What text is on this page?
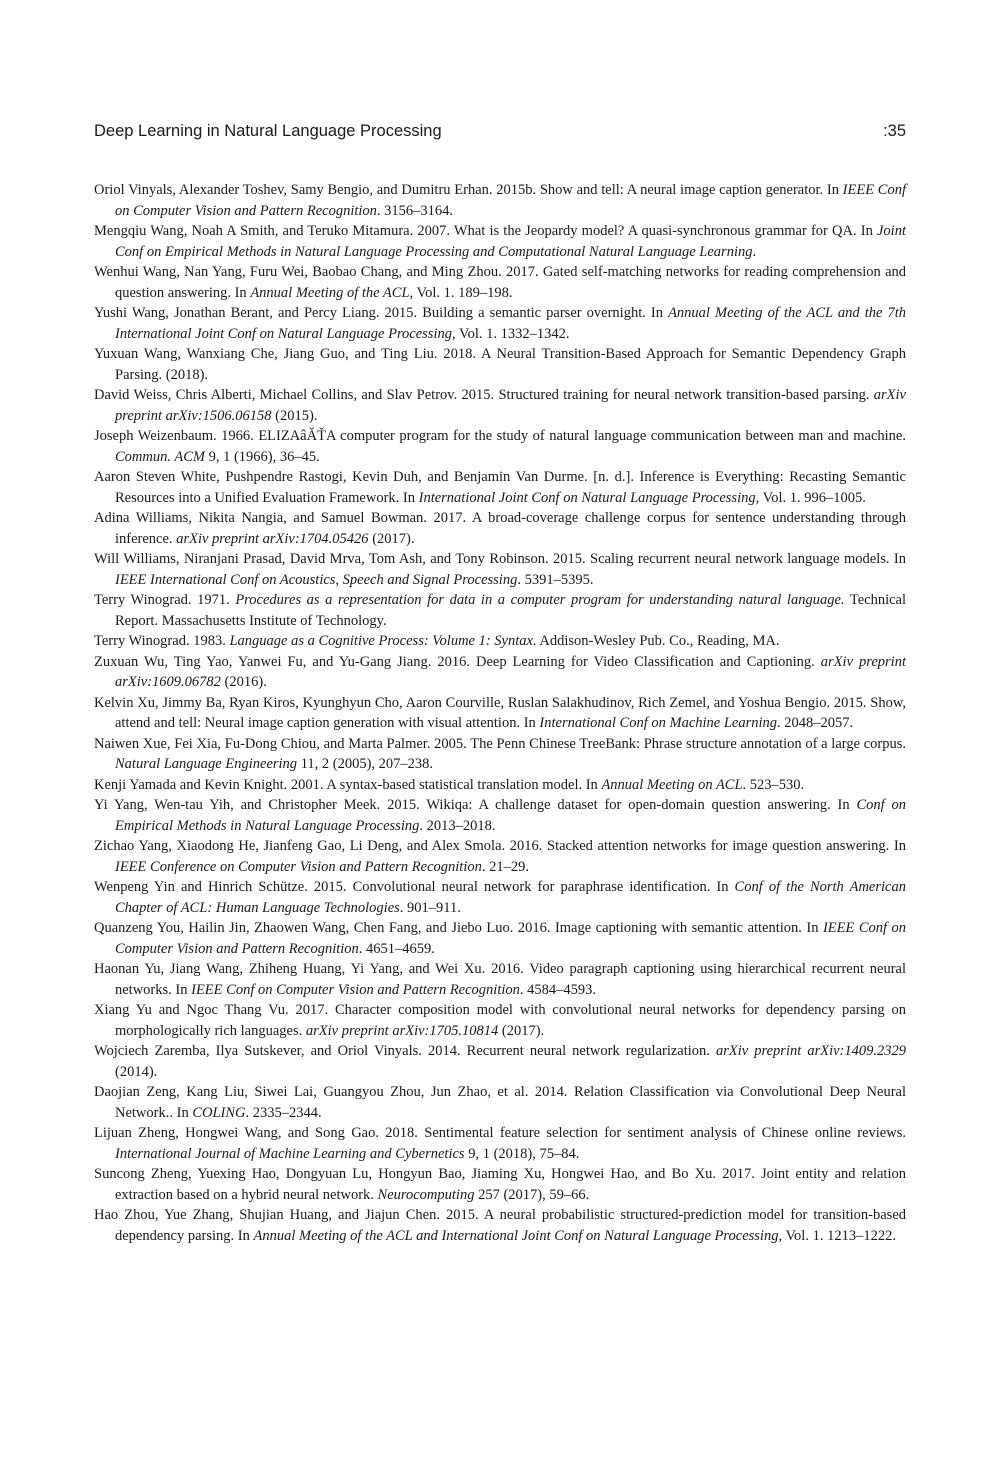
Deep Learning in Natural Language Processing	:35

Oriol Vinyals, Alexander Toshev, Samy Bengio, and Dumitru Erhan. 2015b. Show and tell: A neural image caption generator. In IEEE Conf on Computer Vision and Pattern Recognition. 3156–3164.

Mengqiu Wang, Noah A Smith, and Teruko Mitamura. 2007. What is the Jeopardy model? A quasi-synchronous grammar for QA. In Joint Conf on Empirical Methods in Natural Language Processing and Computational Natural Language Learning.

Wenhui Wang, Nan Yang, Furu Wei, Baobao Chang, and Ming Zhou. 2017. Gated self-matching networks for reading comprehension and question answering. In Annual Meeting of the ACL, Vol. 1. 189–198.

Yushi Wang, Jonathan Berant, and Percy Liang. 2015. Building a semantic parser overnight. In Annual Meeting of the ACL and the 7th International Joint Conf on Natural Language Processing, Vol. 1. 1332–1342.

Yuxuan Wang, Wanxiang Che, Jiang Guo, and Ting Liu. 2018. A Neural Transition-Based Approach for Semantic Dependency Graph Parsing. (2018).

David Weiss, Chris Alberti, Michael Collins, and Slav Petrov. 2015. Structured training for neural network transition-based parsing. arXiv preprint arXiv:1506.06158 (2015).

Joseph Weizenbaum. 1966. ELIZAâĂŤA computer program for the study of natural language communication between man and machine. Commun. ACM 9, 1 (1966), 36–45.

Aaron Steven White, Pushpendre Rastogi, Kevin Duh, and Benjamin Van Durme. [n. d.]. Inference is Everything: Recasting Semantic Resources into a Unified Evaluation Framework. In International Joint Conf on Natural Language Processing, Vol. 1. 996–1005.

Adina Williams, Nikita Nangia, and Samuel Bowman. 2017. A broad-coverage challenge corpus for sentence understanding through inference. arXiv preprint arXiv:1704.05426 (2017).

Will Williams, Niranjani Prasad, David Mrva, Tom Ash, and Tony Robinson. 2015. Scaling recurrent neural network language models. In IEEE International Conf on Acoustics, Speech and Signal Processing. 5391–5395.

Terry Winograd. 1971. Procedures as a representation for data in a computer program for understanding natural language. Technical Report. Massachusetts Institute of Technology.

Terry Winograd. 1983. Language as a Cognitive Process: Volume 1: Syntax. Addison-Wesley Pub. Co., Reading, MA.

Zuxuan Wu, Ting Yao, Yanwei Fu, and Yu-Gang Jiang. 2016. Deep Learning for Video Classification and Captioning. arXiv preprint arXiv:1609.06782 (2016).

Kelvin Xu, Jimmy Ba, Ryan Kiros, Kyunghyun Cho, Aaron Courville, Ruslan Salakhudinov, Rich Zemel, and Yoshua Bengio. 2015. Show, attend and tell: Neural image caption generation with visual attention. In International Conf on Machine Learning. 2048–2057.

Naiwen Xue, Fei Xia, Fu-Dong Chiou, and Marta Palmer. 2005. The Penn Chinese TreeBank: Phrase structure annotation of a large corpus. Natural Language Engineering 11, 2 (2005), 207–238.

Kenji Yamada and Kevin Knight. 2001. A syntax-based statistical translation model. In Annual Meeting on ACL. 523–530.

Yi Yang, Wen-tau Yih, and Christopher Meek. 2015. Wikiqa: A challenge dataset for open-domain question answering. In Conf on Empirical Methods in Natural Language Processing. 2013–2018.

Zichao Yang, Xiaodong He, Jianfeng Gao, Li Deng, and Alex Smola. 2016. Stacked attention networks for image question answering. In IEEE Conference on Computer Vision and Pattern Recognition. 21–29.

Wenpeng Yin and Hinrich Schütze. 2015. Convolutional neural network for paraphrase identification. In Conf of the North American Chapter of ACL: Human Language Technologies. 901–911.

Quanzeng You, Hailin Jin, Zhaowen Wang, Chen Fang, and Jiebo Luo. 2016. Image captioning with semantic attention. In IEEE Conf on Computer Vision and Pattern Recognition. 4651–4659.

Haonan Yu, Jiang Wang, Zhiheng Huang, Yi Yang, and Wei Xu. 2016. Video paragraph captioning using hierarchical recurrent neural networks. In IEEE Conf on Computer Vision and Pattern Recognition. 4584–4593.

Xiang Yu and Ngoc Thang Vu. 2017. Character composition model with convolutional neural networks for dependency parsing on morphologically rich languages. arXiv preprint arXiv:1705.10814 (2017).

Wojciech Zaremba, Ilya Sutskever, and Oriol Vinyals. 2014. Recurrent neural network regularization. arXiv preprint arXiv:1409.2329 (2014).

Daojian Zeng, Kang Liu, Siwei Lai, Guangyou Zhou, Jun Zhao, et al. 2014. Relation Classification via Convolutional Deep Neural Network.. In COLING. 2335–2344.

Lijuan Zheng, Hongwei Wang, and Song Gao. 2018. Sentimental feature selection for sentiment analysis of Chinese online reviews. International Journal of Machine Learning and Cybernetics 9, 1 (2018), 75–84.

Suncong Zheng, Yuexing Hao, Dongyuan Lu, Hongyun Bao, Jiaming Xu, Hongwei Hao, and Bo Xu. 2017. Joint entity and relation extraction based on a hybrid neural network. Neurocomputing 257 (2017), 59–66.

Hao Zhou, Yue Zhang, Shujian Huang, and Jiajun Chen. 2015. A neural probabilistic structured-prediction model for transition-based dependency parsing. In Annual Meeting of the ACL and International Joint Conf on Natural Language Processing, Vol. 1. 1213–1222.
